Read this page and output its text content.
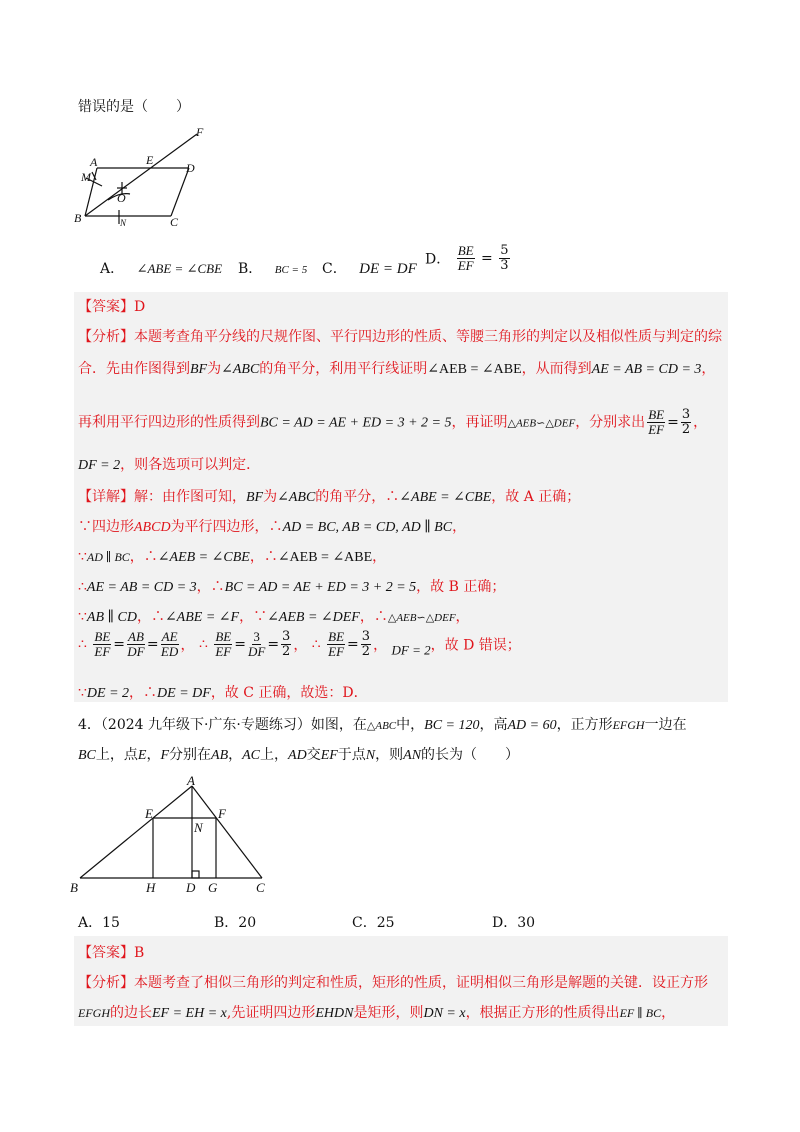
错误的是（　　）
A
B	C
D
E
F
M
O
N
A． ∠ABE = ∠CBE B． BC = 5 C． DE = DF
D． $\frac{BE}{EF} = \frac{5}{3}$
【答案】D
【分析】本题考查角平分线的尺规作图、平行四边形的性质、等腰三角形的判定以及相似性质与判定的综
合．先由作图得到BF为∠ABC的角平分，利用平行线证明∠AEB = ∠ABE，从而得到AE = AB = CD = 3，
再利用平行四边形的性质得到BC = AD = AE + ED = 3 + 2 = 5，再证明△AEB∽△DEF，分别求出 $\frac{BE}{EF} = \frac{3}{2}$ ，
DF = 2，则各选项可以判定．
【详解】解：由作图可知，BF为∠ABC的角平分，∴∠ABE = ∠CBE，故 A 正确；
∵四边形ABCD为平行四边形，∴AD = BC, AB = CD, AD ∥ BC，
∵AD ∥ BC，∴∠AEB = ∠CBE，∴∠AEB = ∠ABE，
∴AE = AB = CD = 3，∴BC = AD = AE + ED = 3 + 2 = 5，故 B 正确；
∵AB ∥ CD，∴∠ABE = ∠F，∵∠AEB = ∠DEF，∴△AEB∽△DEF，
∴ $\frac{BE}{EF} = \frac{AB}{DF} = \frac{AE}{ED}$ ， ∴ $\frac{BE}{EF} = \frac{3}{DF} = \frac{3}{2}$ ， ∴ $\frac{BE}{EF} = \frac{3}{2}$ ， DF = 2，故 D 错误；
∵DE = 2，∴DE = DF，故 C 正确，故选：D．
4．（2024 九年级下·广东·专题练习）如图，在△ABC中，BC = 120，高AD = 60，正方形EFGH一边在
BC上，点E，F分别在AB，AC上，AD交EF于点N，则AN的长为（　　）
A
B	C
D
E	F
G
H
N
A．15	B．20	C．25	D．30
【答案】B
【分析】本题考查了相似三角形的判定和性质，矩形的性质，证明相似三角形是解题的关键．设正方形
EFGH的边长EF = EH = x,先证明四边形EHDN是矩形，则DN = x，根据正方形的性质得出EF ∥ BC，
